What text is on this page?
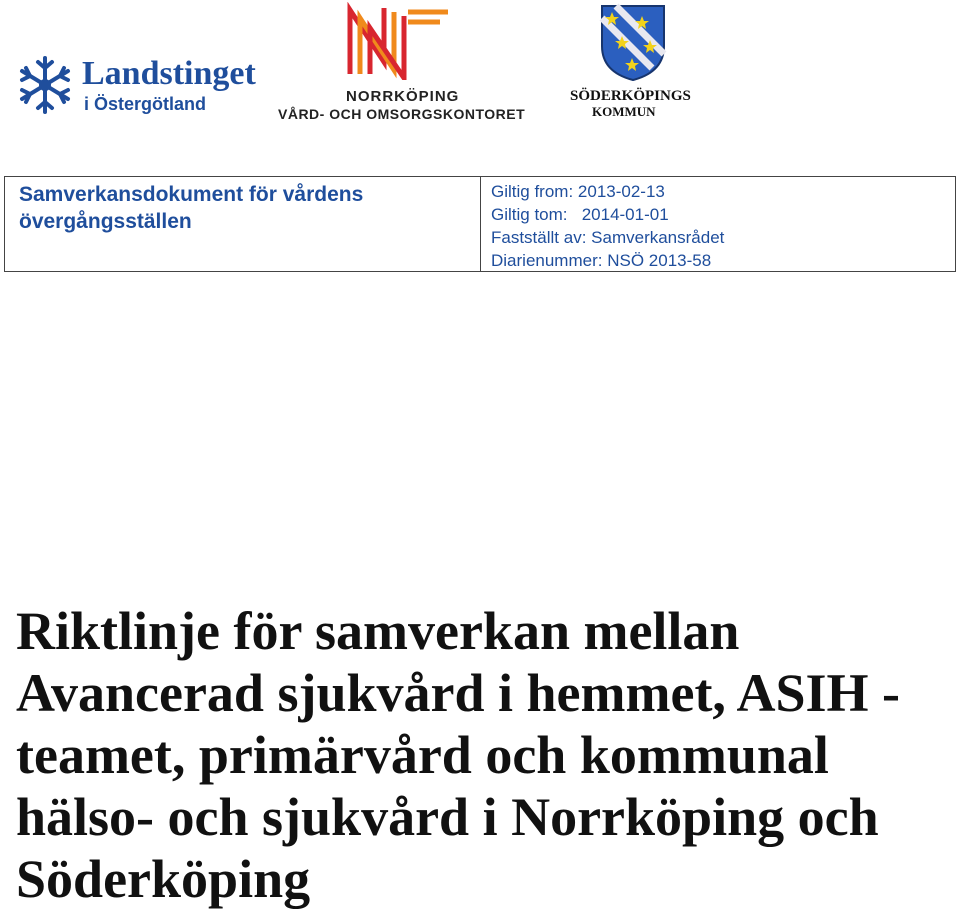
Landstinget
i Östergötland	NORRKÖPING
VÅRD- OCH OMSORGSKONTORET
SÖDERKÖPINGS
KOMMUN
Samverkansdokument för vårdens övergångsställen
Giltig from: 2013-02-13
Giltig tom: 2014-01-01
Fastställt av: Samverkansrådet
Diarienummer: NSÖ 2013-58
Riktlinje för samverkan mellan Avancerad sjukvård i hemmet, ASIH - teamet, primärvård och kommunal hälso- och sjukvård i Norrköping och Söderköping
